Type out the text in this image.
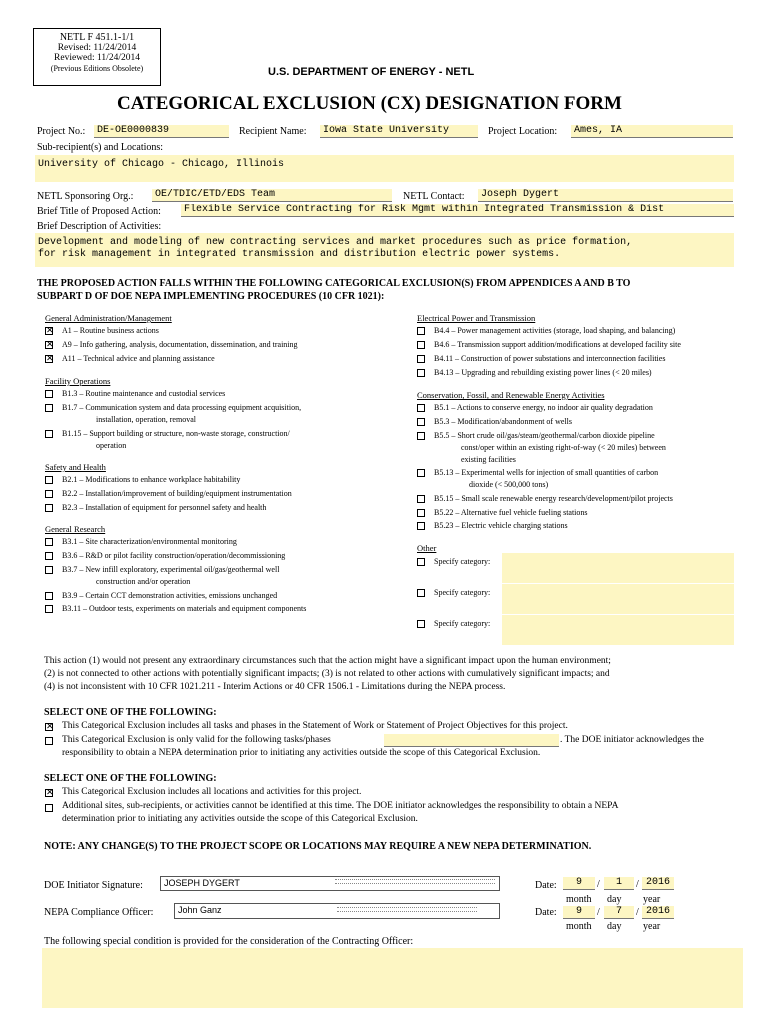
NETL F 451.1-1/1
Revised: 11/24/2014
Reviewed: 11/24/2014
(Previous Editions Obsolete)	U.S. DEPARTMENT OF ENERGY - NETL
CATEGORICAL EXCLUSION (CX) DESIGNATION FORM
Project No.:	DE-OE0000839	Recipient Name:	Iowa State University	Project Location:	Ames, IA
Sub-recipient(s) and Locations:
University of Chicago - Chicago, Illinois
NETL Sponsoring Org.:	OE/TDIC/ETD/EDS Team	NETL Contact:	Joseph Dygert
Brief Title of Proposed Action:	Flexible Service Contracting for Risk Mgmt within Integrated Transmission & Dist
Brief Description of Activities:
Development and modeling of new contracting services and market procedures such as price formation,
for risk management in integrated transmission and distribution electric power systems.
THE PROPOSED ACTION FALLS WITHIN THE FOLLOWING CATEGORICAL EXCLUSION(S) FROM APPENDICES A AND B TO
SUBPART D OF DOE NEPA IMPLEMENTING PROCEDURES (10 CFR 1021):
General Administration/Management
✕ A1 – Routine business actions
✕ A9 – Info gathering, analysis, documentation, dissemination, and training
✕ A11 – Technical advice and planning assistance
Facility Operations
B1.3 – Routine maintenance and custodial services
B1.7 – Communication system and data processing equipment acquisition,
installation, operation, removal
B1.15 – Support building or structure, non-waste storage, construction/
operation
Safety and Health
B2.1 – Modifications to enhance workplace habitability
B2.2 – Installation/improvement of building/equipment instrumentation
B2.3 – Installation of equipment for personnel safety and health
General Research
B3.1 – Site characterization/environmental monitoring
B3.6 – R&D or pilot facility construction/operation/decommissioning
B3.7 – New infill exploratory, experimental oil/gas/geothermal well
construction and/or operation
B3.9 – Certain CCT demonstration activities, emissions unchanged
B3.11 – Outdoor tests, experiments on materials and equipment components
Electrical Power and Transmission
B4.4 – Power management activities (storage, load shaping, and balancing)
B4.6 – Transmission support addition/modifications at developed facility site
B4.11 – Construction of power substations and interconnection facilities
B4.13 – Upgrading and rebuilding existing power lines (< 20 miles)
Conservation, Fossil, and Renewable Energy Activities
B5.1 – Actions to conserve energy, no indoor air quality degradation
B5.3 – Modification/abandonment of wells
B5.5 – Short crude oil/gas/steam/geothermal/carbon dioxide pipeline
const/oper within an existing right-of-way (< 20 miles) between
existing facilities
B5.13 – Experimental wells for injection of small quantities of carbon
dioxide (< 500,000 tons)
B5.15 – Small scale renewable energy research/development/pilot projects
B5.22 – Alternative fuel vehicle fueling stations
B5.23 – Electric vehicle charging stations
Other
Specify category:
Specify category:
Specify category:
This action (1) would not present any extraordinary circumstances such that the action might have a significant impact upon the human environment;
(2) is not connected to other actions with potentially significant impacts; (3) is not related to other actions with cumulatively significant impacts; and
(4) is not inconsistent with 10 CFR 1021.211 - Interim Actions or 40 CFR 1506.1 - Limitations during the NEPA process.
SELECT ONE OF THE FOLLOWING:
✕ This Categorical Exclusion includes all tasks and phases in the Statement of Work or Statement of Project Objectives for this project.
This Categorical Exclusion is only valid for the following tasks/phases	. The DOE initiator acknowledges the
responsibility to obtain a NEPA determination prior to initiating any activities outside the scope of this Categorical Exclusion.
SELECT ONE OF THE FOLLOWING:
✕ This Categorical Exclusion includes all locations and activities for this project.
Additional sites, sub-recipients, or activities cannot be identified at this time. The DOE initiator acknowledges the responsibility to obtain a NEPA
determination prior to initiating any activities outside the scope of this Categorical Exclusion.
NOTE: ANY CHANGE(S) TO THE PROJECT SCOPE OR LOCATIONS MAY REQUIRE A NEW NEPA DETERMINATION.
DOE Initiator Signature: JOSEPH DYGERT
NEPA Compliance Officer:	John Ganz
Date:	9	/	1	/ 2016
month day year
Date:	9	/	7	/ 2016
month day year
The following special condition is provided for the consideration of the Contracting Officer:
